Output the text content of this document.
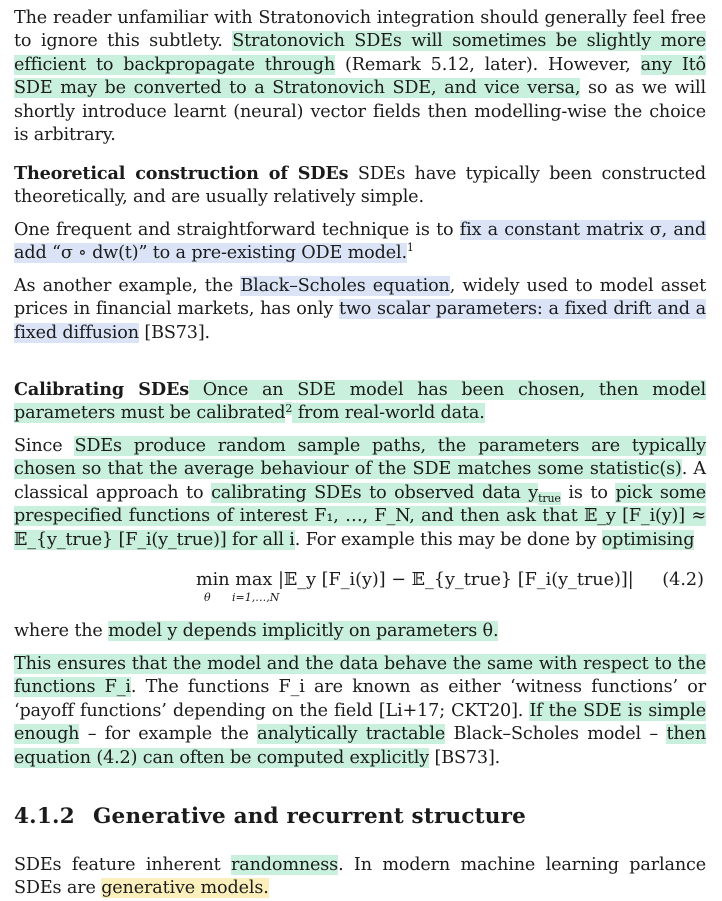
The reader unfamiliar with Stratonovich integration should generally feel free to ignore this subtlety. Stratonovich SDEs will sometimes be slightly more efficient to backpropagate through (Remark 5.12, later). However, any Itô SDE may be converted to a Stratonovich SDE, and vice versa, so as we will shortly introduce learnt (neural) vector fields then modelling-wise the choice is arbitrary.

Theoretical construction of SDEs SDEs have typically been constructed theoretically, and are usually relatively simple.

One frequent and straightforward technique is to fix a constant matrix σ, and add “σ ∘ dw(t)” to a pre-existing ODE model.$^1$

As another example, the Black–Scholes equation, widely used to model asset prices in financial markets, has only two scalar parameters: a fixed drift and a fixed diffusion [BS73].

Calibrating SDEs Once an SDE model has been chosen, then model parameters must be calibrated$^2$ from real-world data.

Since SDEs produce random sample paths, the parameters are typically chosen so that the average behaviour of the SDE matches some statistic(s). A classical approach to calibrating SDEs to observed data $y_{true}$ is to pick some prespecified functions of interest F₁, …, F_N, and then ask that 𝔼_y [F_i(y)] ≈ 𝔼_{y_true} [F_i(y_true)] for all i. For example this may be done by optimising

min max |𝔼_y [F_i(y)] − 𝔼_{y_true} [F_i(y_true)]|
θ i=1,…,N
(4.2)

where the model y depends implicitly on parameters θ.

This ensures that the model and the data behave the same with respect to the functions F_i. The functions F_i are known as either ‘witness functions’ or ‘payoff functions’ depending on the field [Li+17; CKT20]. If the SDE is simple enough – for example the analytically tractable Black–Scholes model – then equation (4.2) can often be computed explicitly [BS73].

4.1.2 Generative and recurrent structure

SDEs feature inherent randomness. In modern machine learning parlance SDEs are generative models.
